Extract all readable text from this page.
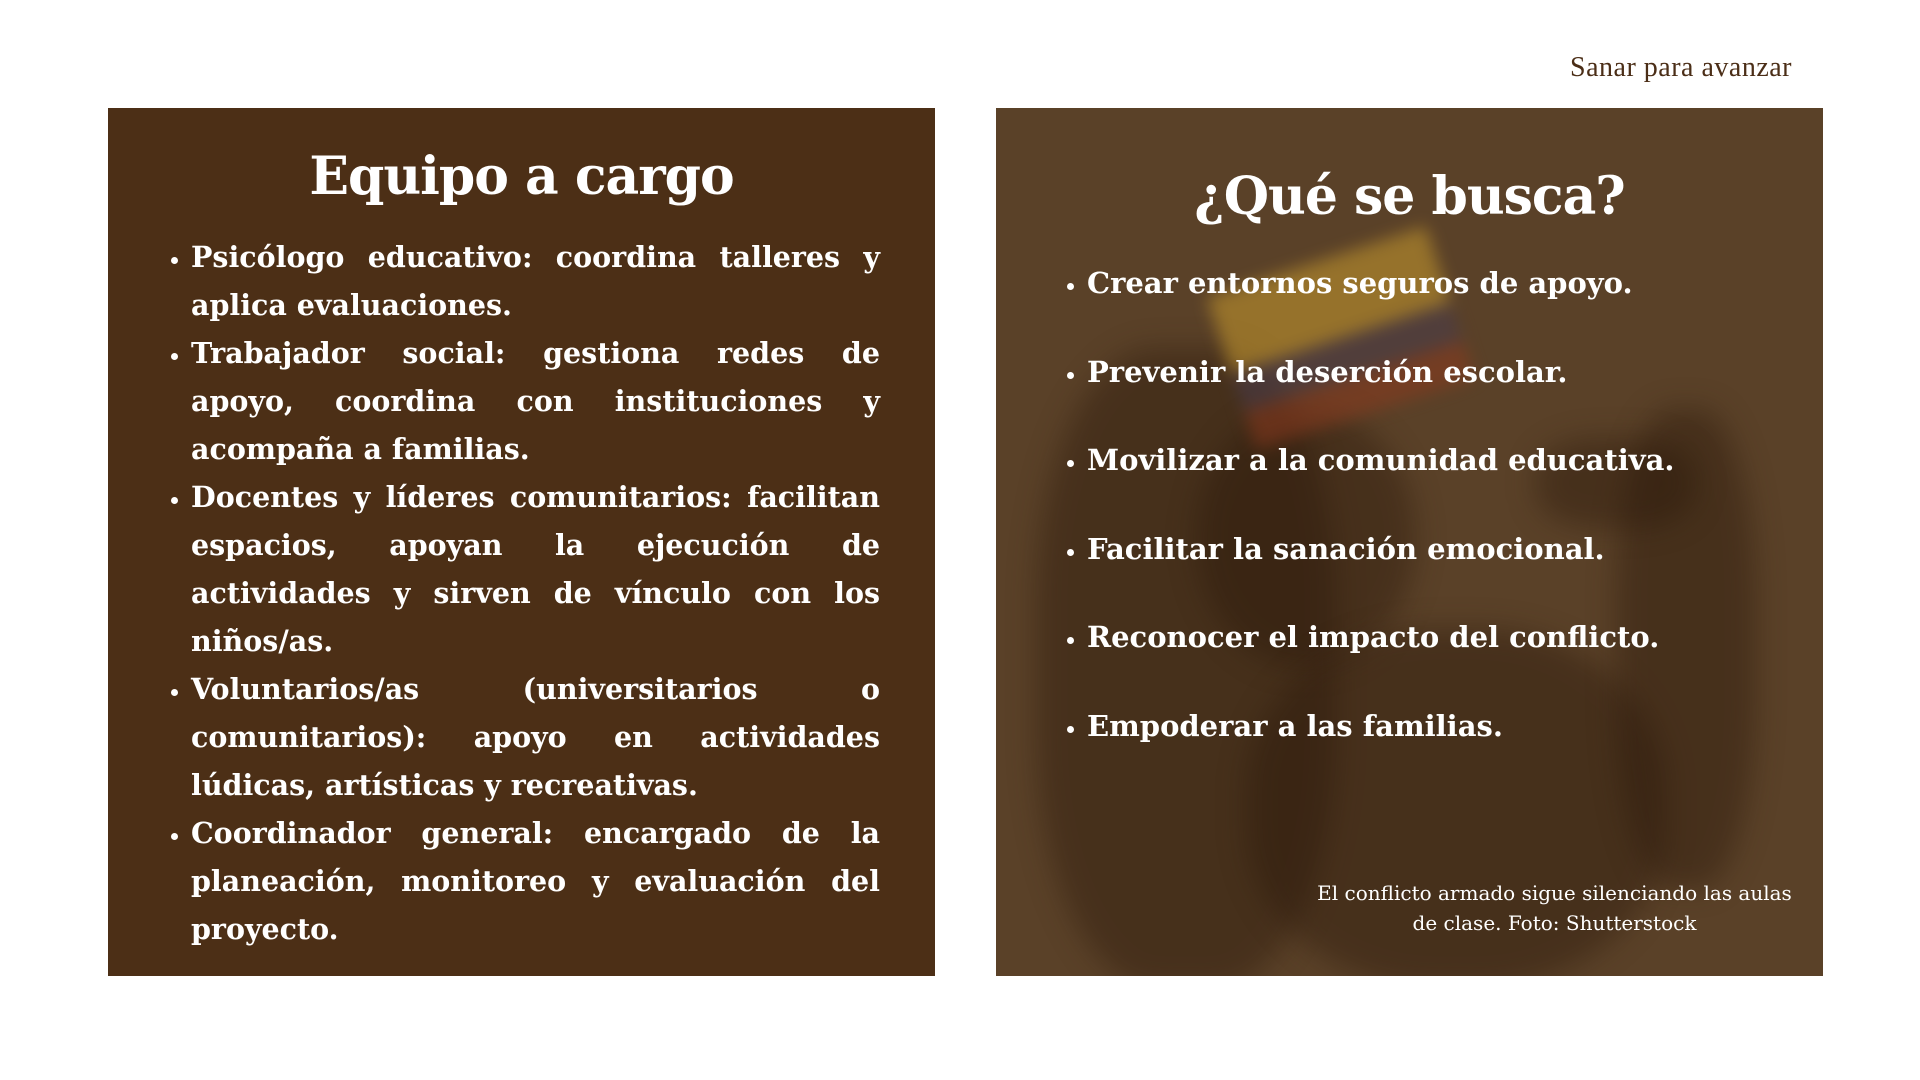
Sanar para avanzar
Equipo a cargo
• Psicólogo educativo: coordina talleres y aplica evaluaciones.
• Trabajador social: gestiona redes de apoyo, coordina con instituciones y acompaña a familias.
• Docentes y líderes comunitarios: facilitan espacios, apoyan la ejecución de actividades y sirven de vínculo con los niños/as.
• Voluntarios/as (universitarios o comunitarios): apoyo en actividades lúdicas, artísticas y recreativas.
• Coordinador general: encargado de la planeación, monitoreo y evaluación del proyecto.
¿Qué se busca?
• Crear entornos seguros de apoyo.
• Prevenir la deserción escolar.
• Movilizar a la comunidad educativa.
• Facilitar la sanación emocional.
• Reconocer el impacto del conflicto.
• Empoderar a las familias.
El conflicto armado sigue silenciando las aulas de clase. Foto: Shutterstock
